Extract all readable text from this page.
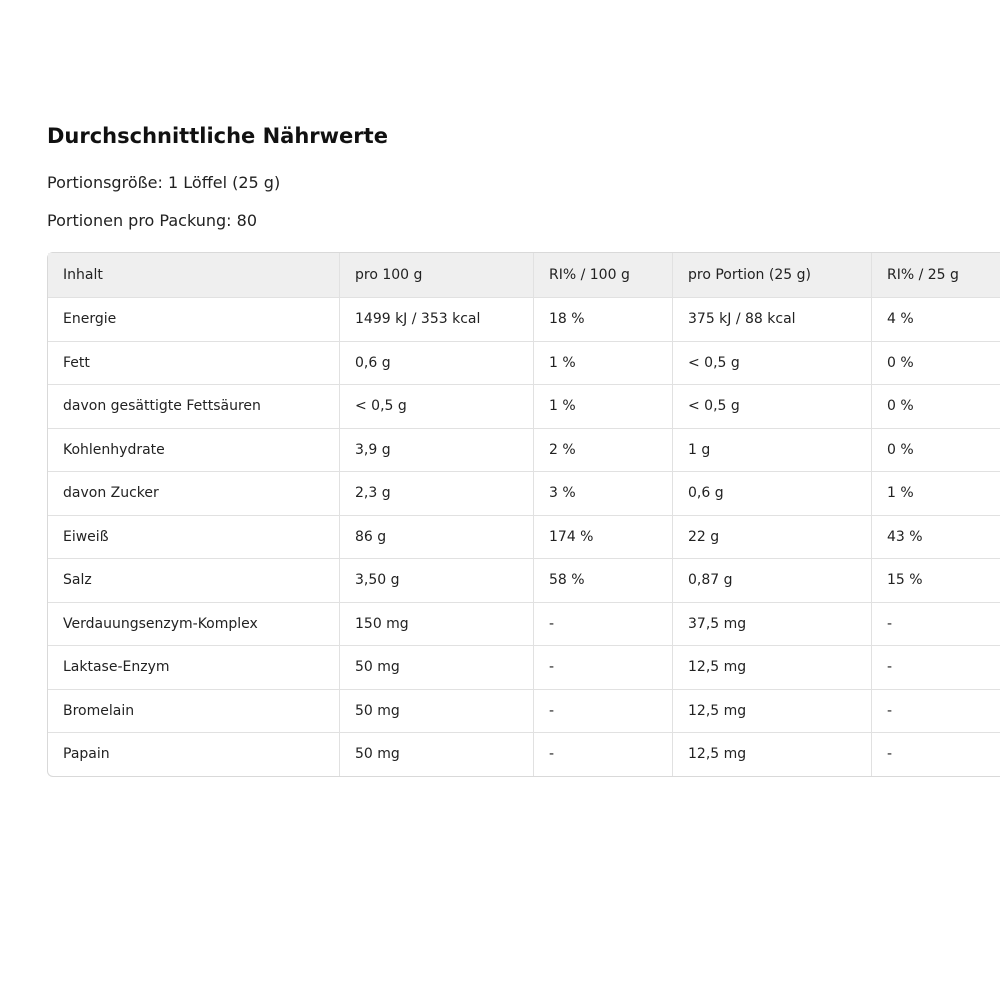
Durchschnittliche Nährwerte

Portionsgröße: 1 Löffel (25 g)

Portionen pro Packung: 80

Inhalt	pro 100 g	RI% / 100 g	pro Portion (25 g)	RI% / 25 g
Energie	1499 kJ / 353 kcal	18 %	375 kJ / 88 kcal	4 %
Fett	0,6 g	1 %	< 0,5 g	0 %
davon gesättigte Fettsäuren	< 0,5 g	1 %	< 0,5 g	0 %
Kohlenhydrate	3,9 g	2 %	1 g	0 %
davon Zucker	2,3 g	3 %	0,6 g	1 %
Eiweiß	86 g	174 %	22 g	43 %
Salz	3,50 g	58 %	0,87 g	15 %
Verdauungsenzym-Komplex	150 mg	-	37,5 mg	-
Laktase-Enzym	50 mg	-	12,5 mg	-
Bromelain	50 mg	-	12,5 mg	-
Papain	50 mg	-	12,5 mg	-
